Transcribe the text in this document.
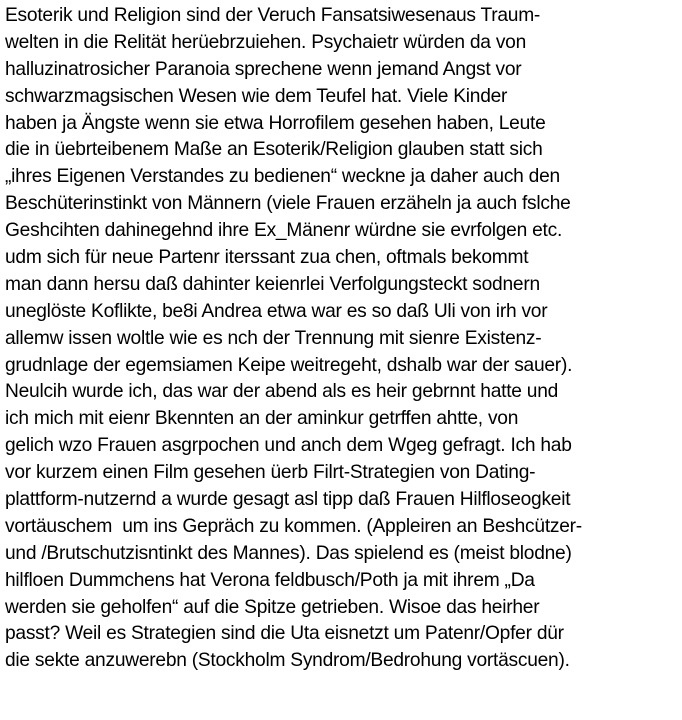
Esoterik und Religion sind der Veruch Fansatsiwesenaus Traum-
welten in die Relität herüebrzuiehen. Psychaietr würden da von
halluzinatrosicher Paranoia sprechene wenn jemand Angst vor
schwarzmagsischen Wesen wie dem Teufel hat. Viele Kinder
haben ja Ängste wenn sie etwa Horrofilem gesehen haben, Leute
die in üebrteibenem Maße an Esoterik/Religion glauben statt sich
„ihres Eigenen Verstandes zu bedienen“ weckne ja daher auch den
Beschüterinstinkt von Männern (viele Frauen erzäheln ja auch fslche
Geshcihten dahinegehnd ihre Ex_Mänenr würdne sie evrfolgen etc.
udm sich für neue Partenr iterssant zua chen, oftmals bekommt
man dann hersu daß dahinter keienrlei Verfolgungsteckt sodnern
uneglöste Koflikte, be8i Andrea etwa war es so daß Uli von irh vor
allemw issen woltle wie es nch der Trennung mit sienre Existenz-
grudnlage der egemsiamen Keipe weitregeht, dshalb war der sauer).
Neulcih wurde ich, das war der abend als es heir gebrnnt hatte und
ich mich mit eienr Bkennten an der aminkur getrffen ahtte, von
gelich wzo Frauen asgrpochen und anch dem Wgeg gefragt. Ich hab
vor kurzem einen Film gesehen üerb Filrt-Strategien von Dating-
plattform-nutzernd a wurde gesagt asl tipp daß Frauen Hilfloseogkeit
vortäuschem  um ins Gepräch zu kommen. (Appleiren an Beshcützer-
und /Brutschutzisntinkt des Mannes). Das spielend es (meist blodne)
hilfloen Dummchens hat Verona feldbusch/Poth ja mit ihrem „Da
werden sie geholfen“ auf die Spitze getrieben. Wisoe das heirher
passt? Weil es Strategien sind die Uta eisnetzt um Patenr/Opfer dür
die sekte anzuwerebn (Stockholm Syndrom/Bedrohung vortäscuen).
